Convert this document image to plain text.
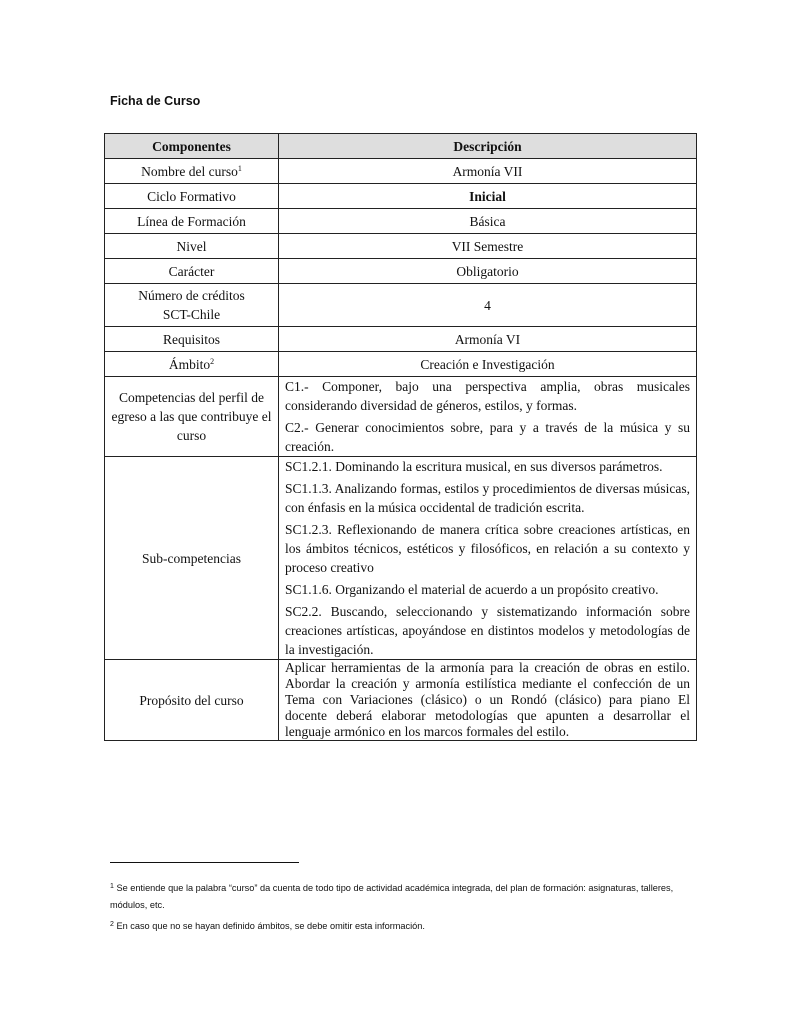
Ficha de Curso
Componentes	Descripción
Nombre del curso$^1$	Armonía VII
Ciclo Formativo	Inicial
Línea de Formación	Básica
Nivel	VII Semestre
Carácter	Obligatorio
Número de créditos
SCT-Chile	4
Requisitos	Armonía VI
Ámbito$^2$	Creación e Investigación
Competencias del perfil de egreso a las que contribuye el curso	C1.- Componer, bajo una perspectiva amplia, obras musicales considerando diversidad de géneros, estilos, y formas.

C2.- Generar conocimientos sobre, para y a través de la música y su creación.

Sub-competencias	SC1.2.1. Dominando la escritura musical, en sus diversos parámetros.

SC1.1.3. Analizando formas, estilos y procedimientos de diversas músicas, con énfasis en la música occidental de tradición escrita.

SC1.2.3. Reflexionando de manera crítica sobre creaciones artísticas, en los ámbitos técnicos, estéticos y filosóficos, en relación a su contexto y proceso creativo

SC1.1.6. Organizando el material de acuerdo a un propósito creativo.

SC2.2. Buscando, seleccionando y sistematizando información sobre creaciones artísticas, apoyándose en distintos modelos y metodologías de la investigación.

Propósito del curso	Aplicar herramientas de la armonía para la creación de obras en estilo. Abordar la creación y armonía estilística mediante el confección de un Tema con Variaciones (clásico) o un Rondó (clásico) para piano El docente deberá elaborar metodologías que apunten a desarrollar el lenguaje armónico en los marcos formales del estilo.

$^1$ Se entiende que la palabra “curso” da cuenta de todo tipo de actividad académica integrada, del plan de formación: asignaturas, talleres, módulos, etc.

$^2$ En caso que no se hayan definido ámbitos, se debe omitir esta información.
